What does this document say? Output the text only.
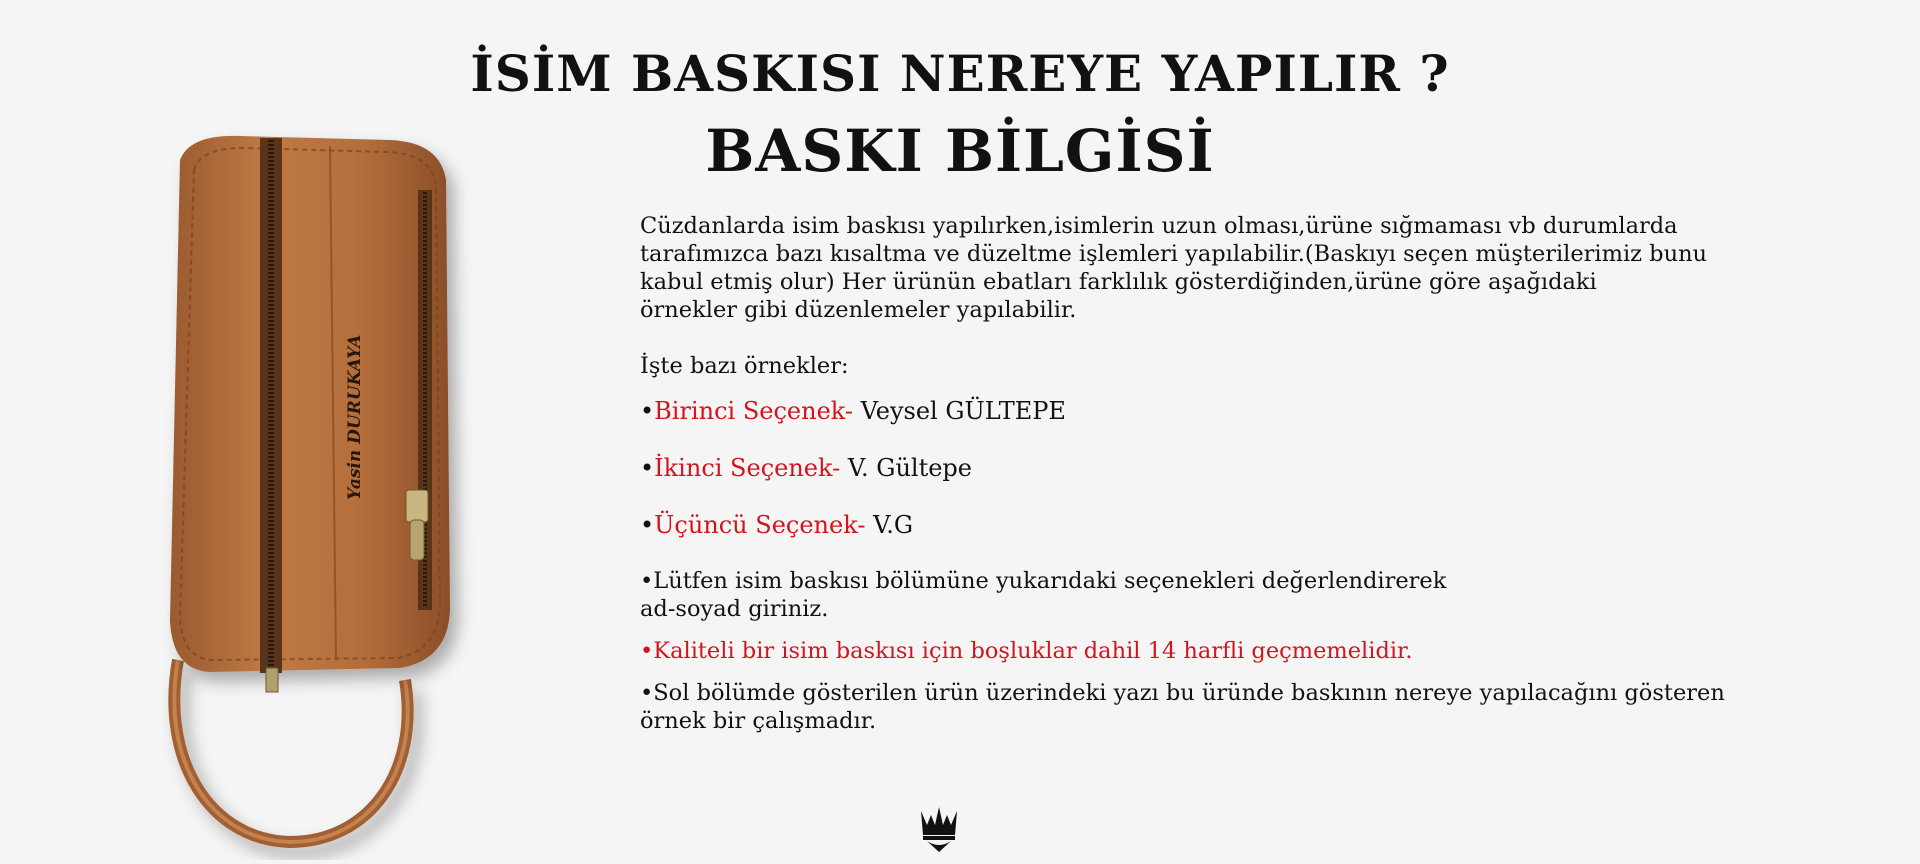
İSİM BASKISI NEREYE YAPILIR ?
BASKI BİLGİSİ
Yasin DURUKAYA

Cüzdanlarda isim baskısı yapılırken,isimlerin uzun olması,ürüne sığmaması vb durumlarda
tarafımızca bazı kısaltma ve düzeltme işlemleri yapılabilir.(Baskıyı seçen müşterilerimiz bunu
kabul etmiş olur) Her ürünün ebatları farklılık gösterdiğinden,ürüne göre aşağıdaki
örnekler gibi düzenlemeler yapılabilir.

İşte bazı örnekler:

•Birinci Seçenek- Veysel GÜLTEPE

•İkinci Seçenek- V. Gültepe

•Üçüncü Seçenek- V.G

•Lütfen isim baskısı bölümüne yukarıdaki seçenekleri değerlendirerek
ad-soyad giriniz.

•Kaliteli bir isim baskısı için boşluklar dahil 14 harfli geçmemelidir.

•Sol bölümde gösterilen ürün üzerindeki yazı bu üründe baskının nereye yapılacağını gösteren
örnek bir çalışmadır.
